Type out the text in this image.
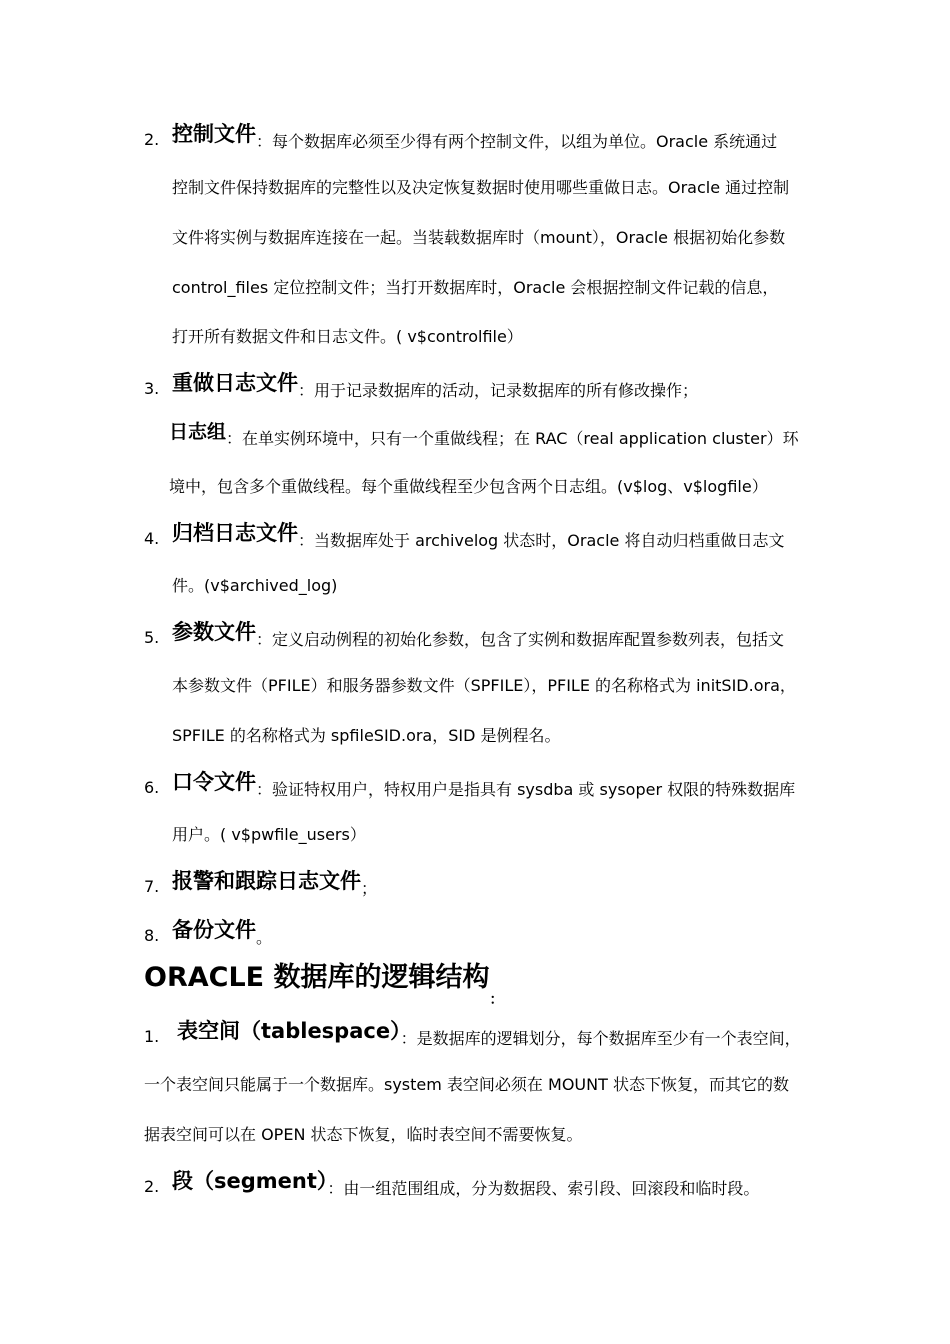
2. 控制文件：每个数据库必须至少得有两个控制文件，以组为单位。Oracle 系统通过
控制文件保持数据库的完整性以及决定恢复数据时使用哪些重做日志。Oracle 通过控制
文件将实例与数据库连接在一起。当装载数据库时（mount），Oracle 根据初始化参数
control_files 定位控制文件；当打开数据库时，Oracle 会根据控制文件记载的信息，
打开所有数据文件和日志文件。( v$controlfile）
3. 重做日志文件：用于记录数据库的活动，记录数据库的所有修改操作；
日志组：在单实例环境中，只有一个重做线程；在 RAC（real application cluster）环
境中，包含多个重做线程。每个重做线程至少包含两个日志组。(v$log、v$logfile）
4. 归档日志文件：当数据库处于 archivelog 状态时，Oracle 将自动归档重做日志文
件。(v$archived_log)
5. 参数文件：定义启动例程的初始化参数，包含了实例和数据库配置参数列表，包括文
本参数文件（PFILE）和服务器参数文件（SPFILE），PFILE 的名称格式为 initSID.ora，
SPFILE 的名称格式为 spfileSID.ora，SID 是例程名。
6. 口令文件：验证特权用户，特权用户是指具有 sysdba 或 sysoper 权限的特殊数据库
用户。( v$pwfile_users）
7. 报警和跟踪日志文件；
8. 备份文件。
ORACLE 数据库的逻辑结构$_:$
1. 表空间（tablespace）：是数据库的逻辑划分，每个数据库至少有一个表空间，
一个表空间只能属于一个数据库。system 表空间必须在 MOUNT 状态下恢复，而其它的数
据表空间可以在 OPEN 状态下恢复，临时表空间不需要恢复。
2. 段（segment）：由一组范围组成，分为数据段、索引段、回滚段和临时段。
